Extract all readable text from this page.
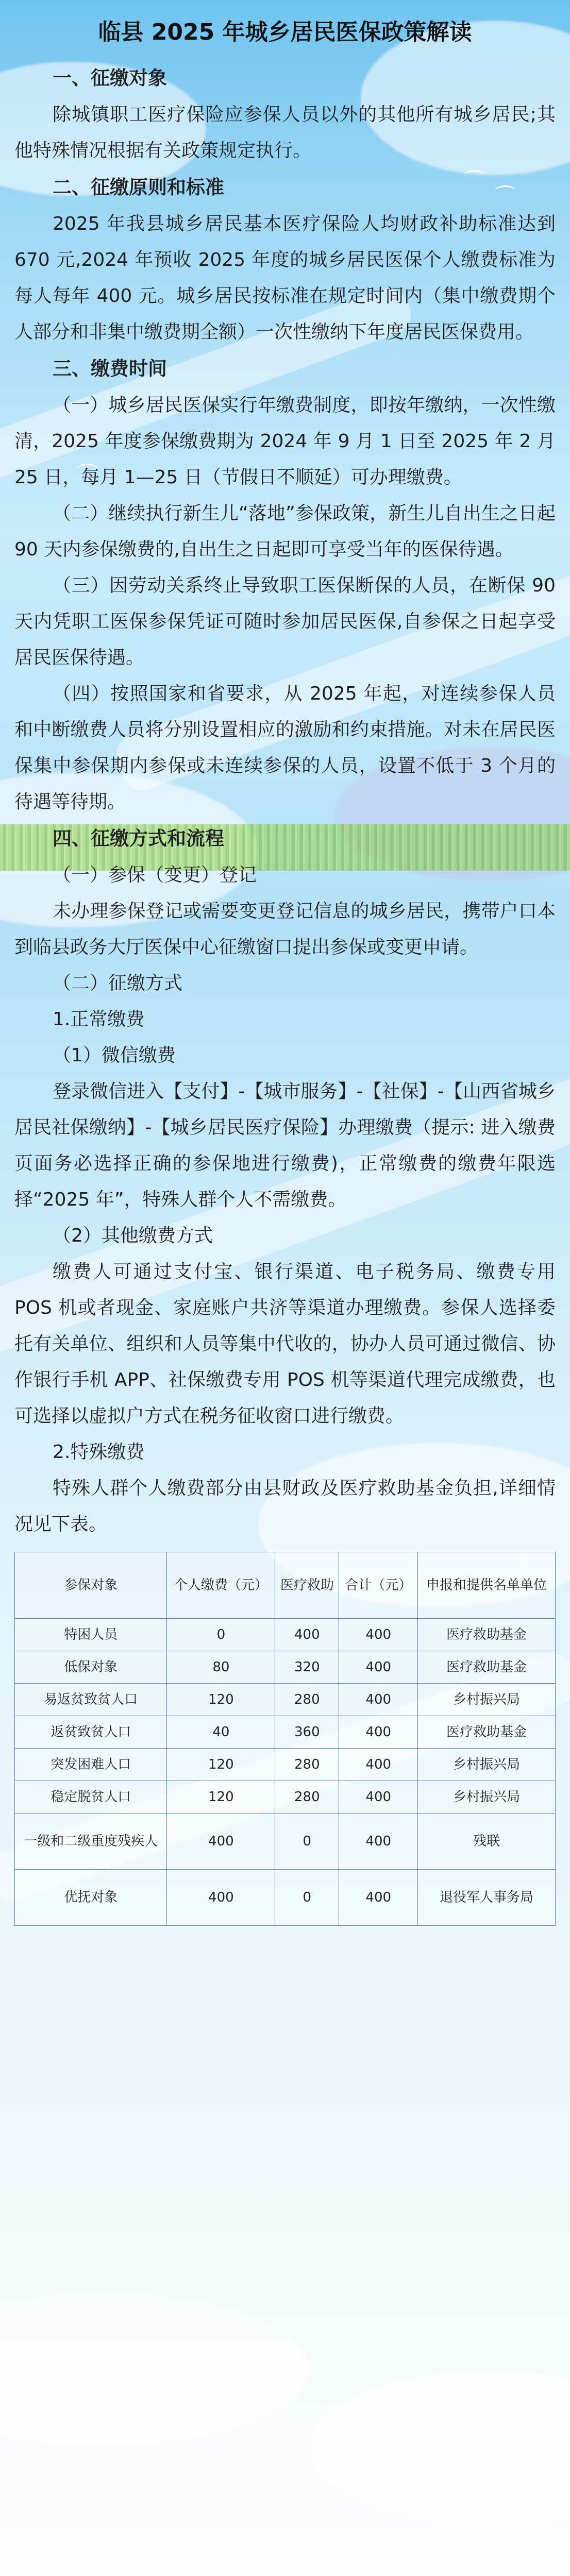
临县 2025 年城乡居民医保政策解读
一、征缴对象

除城镇职工医疗保险应参保人员以外的其他所有城乡居民;其他特殊情况根据有关政策规定执行。

二、征缴原则和标准

2025 年我县城乡居民基本医疗保险人均财政补助标准达到 670 元,2024 年预收 2025 年度的城乡居民医保个人缴费标准为每人每年 400 元。城乡居民按标准在规定时间内（集中缴费期个人部分和非集中缴费期全额）一次性缴纳下年度居民医保费用。

三、缴费时间

（一）城乡居民医保实行年缴费制度，即按年缴纳，一次性缴清，2025 年度参保缴费期为 2024 年 9 月 1 日至 2025 年 2 月 25 日，每月 1—25 日（节假日不顺延）可办理缴费。

（二）继续执行新生儿“落地”参保政策，新生儿自出生之日起 90 天内参保缴费的,自出生之日起即可享受当年的医保待遇。

（三）因劳动关系终止导致职工医保断保的人员，在断保 90 天内凭职工医保参保凭证可随时参加居民医保,自参保之日起享受居民医保待遇。

（四）按照国家和省要求，从 2025 年起，对连续参保人员和中断缴费人员将分别设置相应的激励和约束措施。对未在居民医保集中参保期内参保或未连续参保的人员，设置不低于 3 个月的待遇等待期。

四、征缴方式和流程

（一）参保（变更）登记

未办理参保登记或需要变更登记信息的城乡居民，携带户口本到临县政务大厅医保中心征缴窗口提出参保或变更申请。

（二）征缴方式

1.正常缴费

（1）微信缴费

登录微信进入【支付】-【城市服务】-【社保】-【山西省城乡居民社保缴纳】-【城乡居民医疗保险】办理缴费（提示: 进入缴费页面务必选择正确的参保地进行缴费)，正常缴费的缴费年限选择“2025 年”，特殊人群个人不需缴费。

（2）其他缴费方式

缴费人可通过支付宝、银行渠道、电子税务局、缴费专用 POS 机或者现金、家庭账户共济等渠道办理缴费。参保人选择委托有关单位、组织和人员等集中代收的，协办人员可通过微信、协作银行手机 APP、社保缴费专用 POS 机等渠道代理完成缴费，也可选择以虚拟户方式在税务征收窗口进行缴费。

2.特殊缴费

特殊人群个人缴费部分由县财政及医疗救助基金负担,详细情况见下表。

参保对象	个人缴费（元）	医疗救助	合计（元）	申报和提供名单单位
特困人员	0	400	400	医疗救助基金
低保对象	80	320	400	医疗救助基金
易返贫致贫人口	120	280	400	乡村振兴局
返贫致贫人口	40	360	400	医疗救助基金
突发困难人口	120	280	400	乡村振兴局
稳定脱贫人口	120	280	400	乡村振兴局
一级和二级重度残疾人	400	0	400	残联
优抚对象	400	0	400	退役军人事务局
